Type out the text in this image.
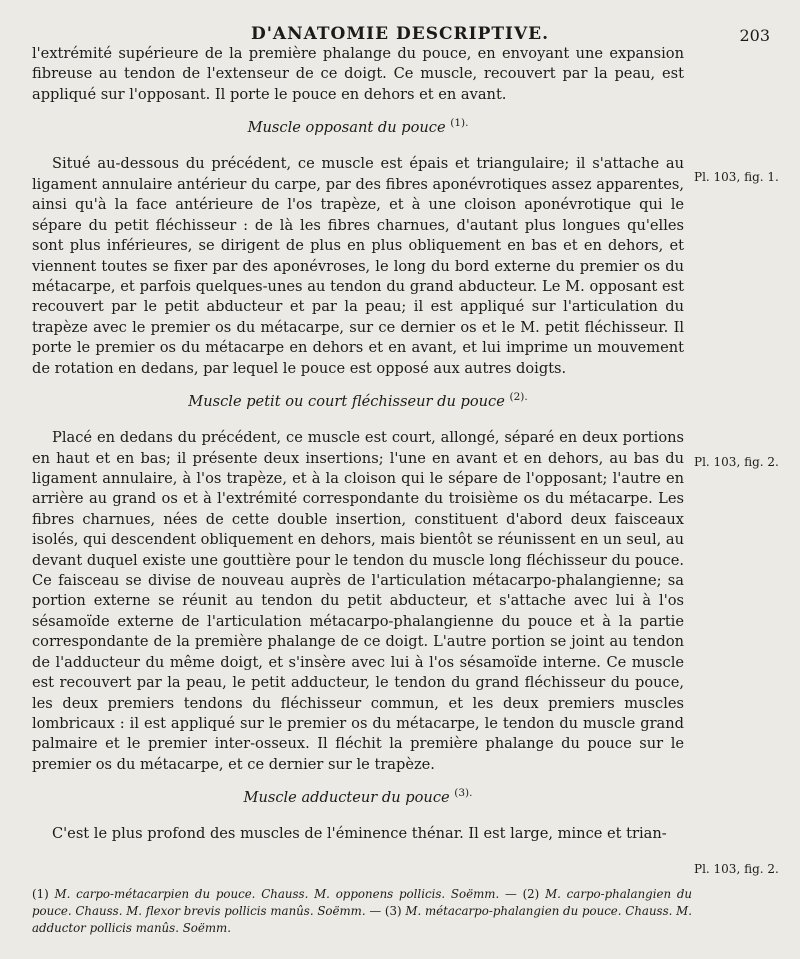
D'ANATOMIE DESCRIPTIVE.	203

l'extrémité supérieure de la première phalange du pouce, en envoyant une expansion fibreuse au tendon de l'extenseur de ce doigt. Ce muscle, recouvert par la peau, est appliqué sur l'opposant. Il porte le pouce en dehors et en avant.

Muscle opposant du pouce $^{(1).}$

Situé au-dessous du précédent, ce muscle est épais et triangulaire; il s'attache au ligament annulaire antérieur du carpe, par des fibres aponévrotiques assez apparentes, ainsi qu'à la face antérieure de l'os trapèze, et à une cloison aponévrotique qui le sépare du petit fléchisseur : de là les fibres charnues, d'autant plus longues qu'elles sont plus inférieures, se dirigent de plus en plus obliquement en bas et en dehors, et viennent toutes se fixer par des aponévroses, le long du bord externe du premier os du métacarpe, et parfois quelques-unes au tendon du grand abducteur. Le M. opposant est recouvert par le petit abducteur et par la peau; il est appliqué sur l'articulation du trapèze avec le premier os du métacarpe, sur ce dernier os et le M. petit fléchisseur. Il porte le premier os du métacarpe en dehors et en avant, et lui imprime un mouvement de rotation en dedans, par lequel le pouce est opposé aux autres doigts.

Muscle petit ou court fléchisseur du pouce $^{(2).}$

Placé en dedans du précédent, ce muscle est court, allongé, séparé en deux portions en haut et en bas; il présente deux insertions; l'une en avant et en dehors, au bas du ligament annulaire, à l'os trapèze, et à la cloison qui le sépare de l'opposant; l'autre en arrière au grand os et à l'extrémité correspondante du troisième os du métacarpe. Les fibres charnues, nées de cette double insertion, constituent d'abord deux faisceaux isolés, qui descendent obliquement en dehors, mais bientôt se réunissent en un seul, au devant duquel existe une gouttière pour le tendon du muscle long fléchisseur du pouce. Ce faisceau se divise de nouveau auprès de l'articulation métacarpo-phalangienne; sa portion externe se réunit au tendon du petit abducteur, et s'attache avec lui à l'os sésamoïde externe de l'articulation métacarpo-phalangienne du pouce et à la partie correspondante de la première phalange de ce doigt. L'autre portion se joint au tendon de l'adducteur du même doigt, et s'insère avec lui à l'os sésamoïde interne. Ce muscle est recouvert par la peau, le petit adducteur, le tendon du grand fléchisseur du pouce, les deux premiers tendons du fléchisseur commun, et les deux premiers muscles lombricaux : il est appliqué sur le premier os du métacarpe, le tendon du muscle grand palmaire et le premier inter-osseux. Il fléchit la première phalange du pouce sur le premier os du métacarpe, et ce dernier sur le trapèze.

Muscle adducteur du pouce $^{(3).}$

C'est le plus profond des muscles de l'éminence thénar. Il est large, mince et trian-

Pl. 103, fig. 1.
Pl. 103, fig. 2.
Pl. 103, fig. 2.

(1) M. carpo-métacarpien du pouce. Chauss. M. opponens pollicis. Soëmm. — (2) M. carpo-phalangien du pouce. Chauss. M. flexor brevis pollicis manûs. Soëmm. — (3) M. métacarpo-phalangien du pouce. Chauss. M. adductor pollicis manûs. Soëmm.
